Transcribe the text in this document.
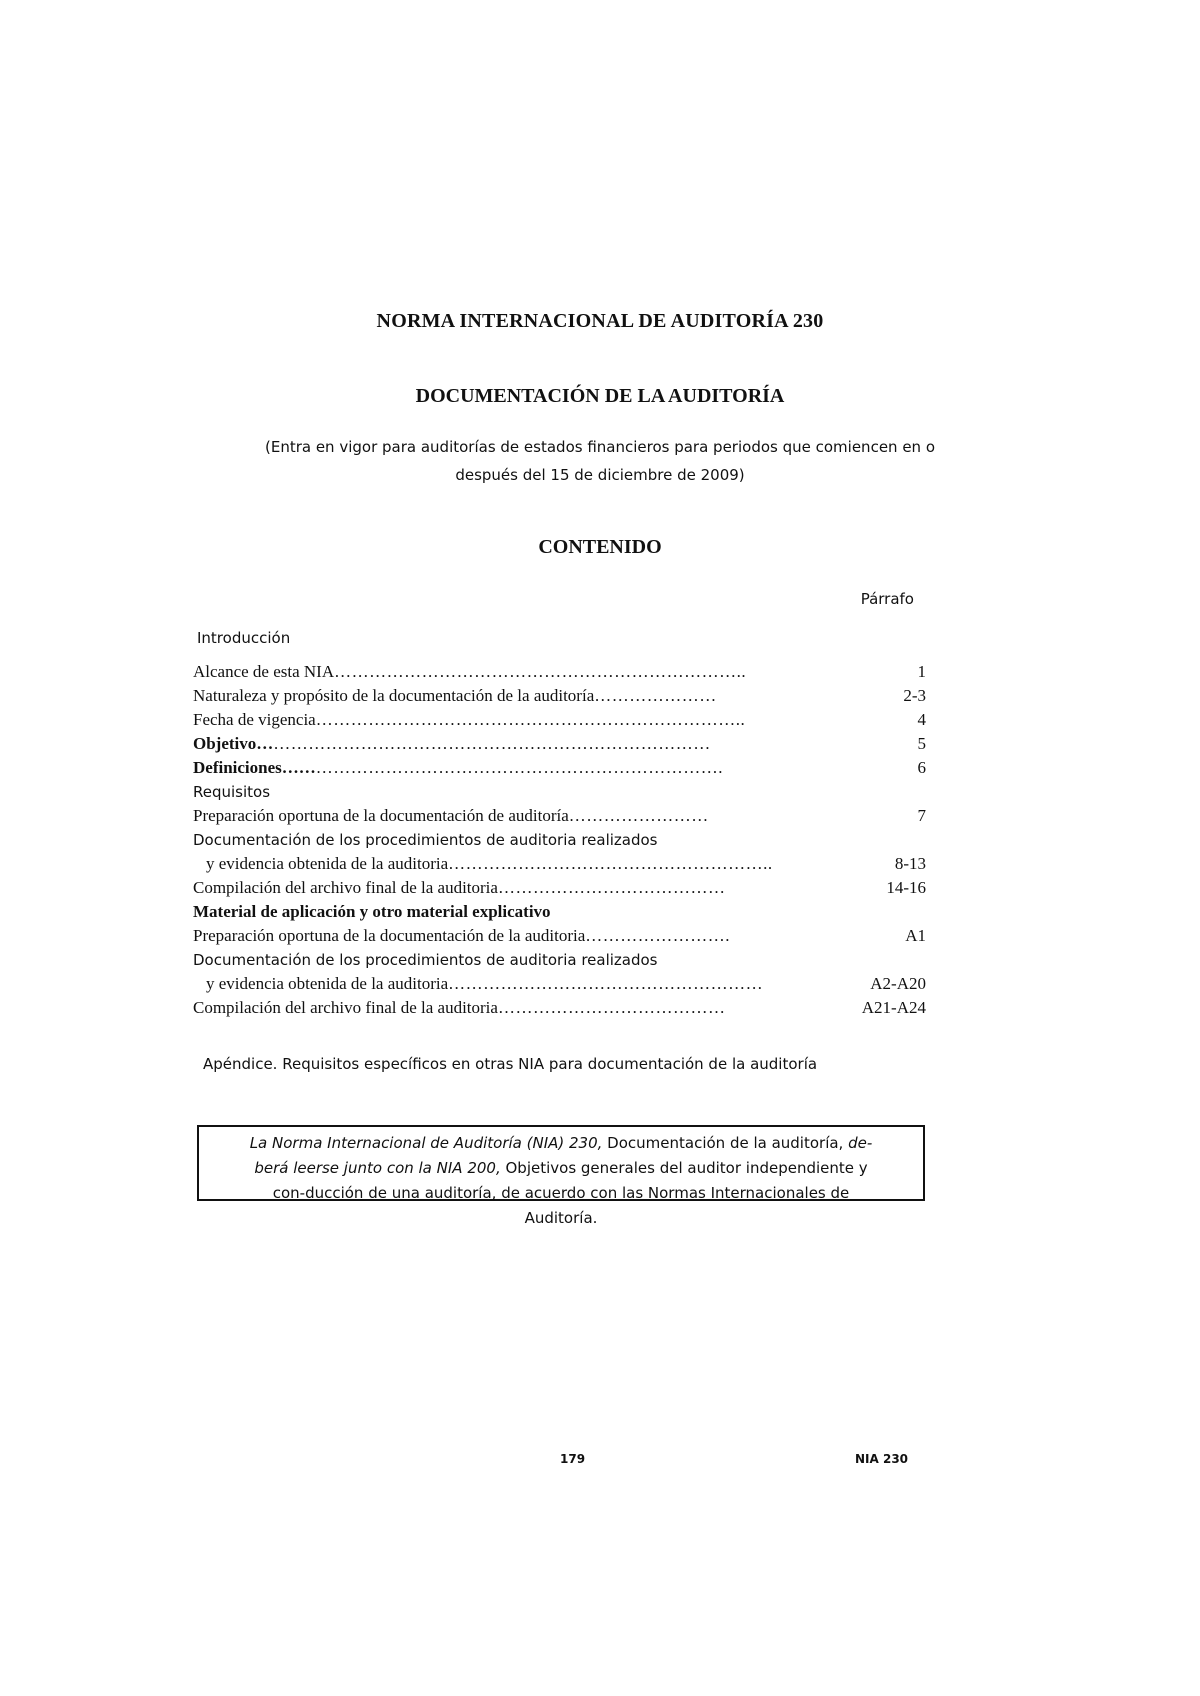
NORMA INTERNACIONAL DE AUDITORÍA 230
DOCUMENTACIÓN DE LA AUDITORÍA
(Entra en vigor para auditorías de estados financieros para periodos que comiencen en o
después del 15 de diciembre de 2009)
CONTENIDO
Párrafo
Introducción
Alcance de esta NIA……………………………………………………………..	1
Naturaleza y propósito de la documentación de la auditoría…………………	2-3
Fecha de vigencia………………………………………………………………..	4
Objetivo……………………………………………………………………	5
Definiciones………………………………………………………………….	6
Requisitos
Preparación oportuna de la documentación de auditoría……………………	7
Documentación de los procedimientos de auditoria realizados
y evidencia obtenida de la auditoria………………………………………………..	8-13
Compilación del archivo final de la auditoria…………………………………	14-16
Material de aplicación y otro material explicativo
Preparación oportuna de la documentación de la auditoria…………………….	A1
Documentación de los procedimientos de auditoria realizados
y evidencia obtenida de la auditoria………………………………………………	A2-A20
Compilación del archivo final de la auditoria…………………………………	A21-A24
Apéndice. Requisitos específicos en otras NIA para documentación de la auditoría

La Norma Internacional de Auditoría (NIA) 230, Documentación de la auditoría, de-berá leerse junto con la NIA 200, Objetivos generales del auditor independiente y con-ducción de una auditoría, de acuerdo con las Normas Internacionales de Auditoría.

179	NIA 230
